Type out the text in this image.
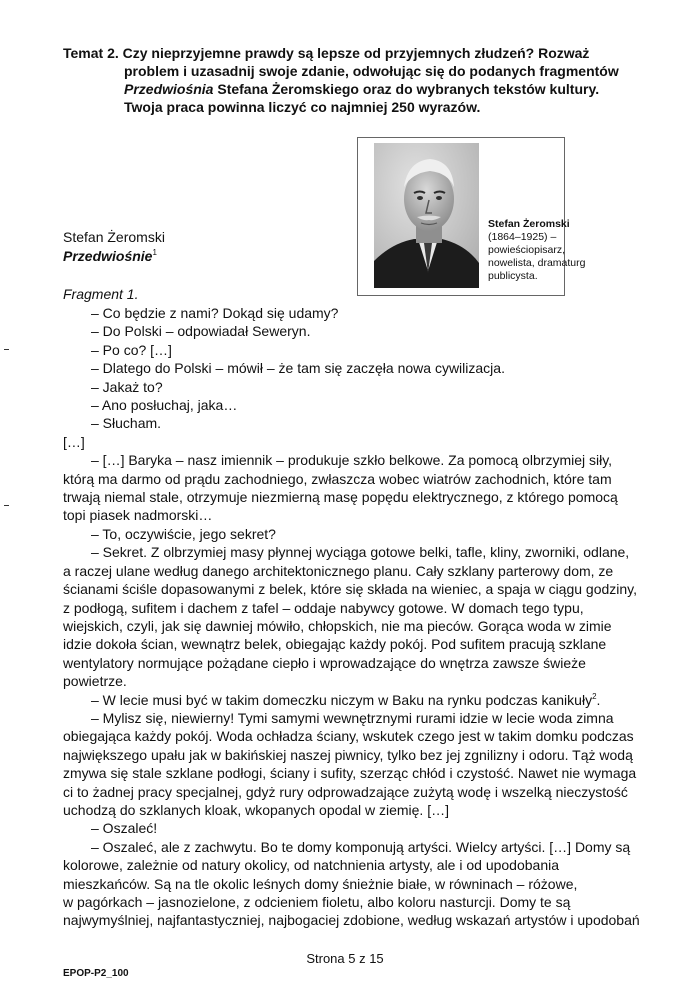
Temat 2. Czy nieprzyjemne prawdy są lepsze od przyjemnych złudzeń? Rozważ
problem i uzasadnij swoje zdanie, odwołując się do podanych fragmentów
Przedwiośnia Stefana Żeromskiego oraz do wybranych tekstów kultury.
Twoja praca powinna liczyć co najmniej 250 wyrazów.
Stefan Żeromski
(1864–1925) –
powieściopisarz,
nowelista, dramaturg
publicysta.
Stefan Żeromski
Przedwiośnie$^1$
Fragment 1.
– Co będzie z nami? Dokąd się udamy?
– Do Polski – odpowiadał Seweryn.
– Po co? […]
– Dlatego do Polski – mówił – że tam się zaczęła nowa cywilizacja.
– Jakaż to?
– Ano posłuchaj, jaka…
– Słucham.
[…]
– […] Baryka – nasz imiennik – produkuje szkło belkowe. Za pomocą olbrzymiej siły,
którą ma darmo od prądu zachodniego, zwłaszcza wobec wiatrów zachodnich, które tam
trwają niemal stale, otrzymuje niezmierną masę popędu elektrycznego, z którego pomocą
topi piasek nadmorski…
– To, oczywiście, jego sekret?
– Sekret. Z olbrzymiej masy płynnej wyciąga gotowe belki, tafle, kliny, zworniki, odlane,
a raczej ulane według danego architektonicznego planu. Cały szklany parterowy dom, ze
ścianami ściśle dopasowanymi z belek, które się składa na wieniec, a spaja w ciągu godziny,
z podłogą, sufitem i dachem z tafel – oddaje nabywcy gotowe. W domach tego typu,
wiejskich, czyli, jak się dawniej mówiło, chłopskich, nie ma pieców. Gorąca woda w zimie
idzie dokoła ścian, wewnątrz belek, obiegając każdy pokój. Pod sufitem pracują szklane
wentylatory normujące pożądane ciepło i wprowadzające do wnętrza zawsze świeże
powietrze.
– W lecie musi być w takim domeczku niczym w Baku na rynku podczas kanikuły$^2$.
– Mylisz się, niewierny! Tymi samymi wewnętrznymi rurami idzie w lecie woda zimna
obiegająca każdy pokój. Woda ochładza ściany, wskutek czego jest w takim domku podczas
największego upału jak w bakińskiej naszej piwnicy, tylko bez jej zgnilizny i odoru. Tąż wodą
zmywa się stale szklane podłogi, ściany i sufity, szerząc chłód i czystość. Nawet nie wymaga
ci to żadnej pracy specjalnej, gdyż rury odprowadzające zużytą wodę i wszelką nieczystość
uchodzą do szklanych kloak, wkopanych opodal w ziemię. […]
– Oszaleć!
– Oszaleć, ale z zachwytu. Bo te domy komponują artyści. Wielcy artyści. […] Domy są
kolorowe, zależnie od natury okolicy, od natchnienia artysty, ale i od upodobania
mieszkańców. Są na tle okolic leśnych domy śnieżnie białe, w równinach – różowe,
w pagórkach – jasnozielone, z odcieniem fioletu, albo koloru nasturcji. Domy te są
najwymyślniej, najfantastyczniej, najbogaciej zdobione, według wskazań artystów i upodobań
Strona 5 z 15
EPOP-P2_100
